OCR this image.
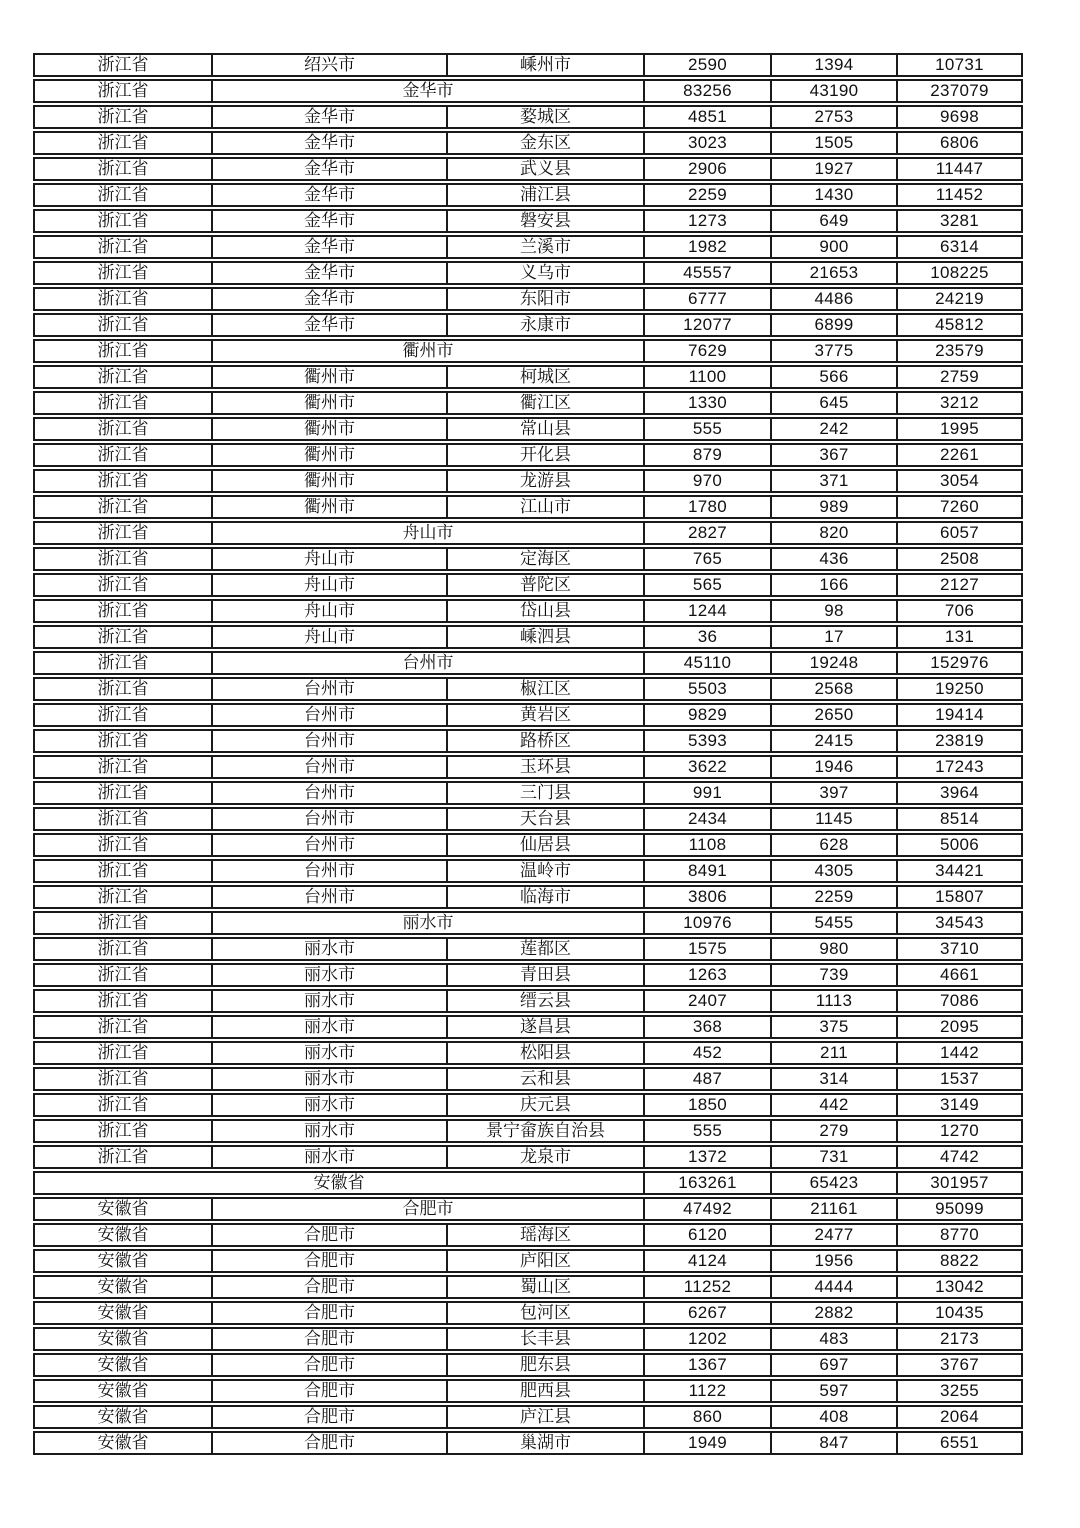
浙江省	绍兴市	嵊州市	2590	1394	10731
浙江省	金华市		83256	43190	237079
浙江省	金华市	婺城区	4851	2753	9698
浙江省	金华市	金东区	3023	1505	6806
浙江省	金华市	武义县	2906	1927	11447
浙江省	金华市	浦江县	2259	1430	11452
浙江省	金华市	磐安县	1273	649	3281
浙江省	金华市	兰溪市	1982	900	6314
浙江省	金华市	义乌市	45557	21653	108225
浙江省	金华市	东阳市	6777	4486	24219
浙江省	金华市	永康市	12077	6899	45812
浙江省	衢州市		7629	3775	23579
浙江省	衢州市	柯城区	1100	566	2759
浙江省	衢州市	衢江区	1330	645	3212
浙江省	衢州市	常山县	555	242	1995
浙江省	衢州市	开化县	879	367	2261
浙江省	衢州市	龙游县	970	371	3054
浙江省	衢州市	江山市	1780	989	7260
浙江省	舟山市		2827	820	6057
浙江省	舟山市	定海区	765	436	2508
浙江省	舟山市	普陀区	565	166	2127
浙江省	舟山市	岱山县	1244	98	706
浙江省	舟山市	嵊泗县	36	17	131
浙江省	台州市		45110	19248	152976
浙江省	台州市	椒江区	5503	2568	19250
浙江省	台州市	黄岩区	9829	2650	19414
浙江省	台州市	路桥区	5393	2415	23819
浙江省	台州市	玉环县	3622	1946	17243
浙江省	台州市	三门县	991	397	3964
浙江省	台州市	天台县	2434	1145	8514
浙江省	台州市	仙居县	1108	628	5006
浙江省	台州市	温岭市	8491	4305	34421
浙江省	台州市	临海市	3806	2259	15807
浙江省	丽水市		10976	5455	34543
浙江省	丽水市	莲都区	1575	980	3710
浙江省	丽水市	青田县	1263	739	4661
浙江省	丽水市	缙云县	2407	1113	7086
浙江省	丽水市	遂昌县	368	375	2095
浙江省	丽水市	松阳县	452	211	1442
浙江省	丽水市	云和县	487	314	1537
浙江省	丽水市	庆元县	1850	442	3149
浙江省	丽水市	景宁畲族自治县	555	279	1270
浙江省	丽水市	龙泉市	1372	731	4742
安徽省			163261	65423	301957
安徽省	合肥市		47492	21161	95099
安徽省	合肥市	瑶海区	6120	2477	8770
安徽省	合肥市	庐阳区	4124	1956	8822
安徽省	合肥市	蜀山区	11252	4444	13042
安徽省	合肥市	包河区	6267	2882	10435
安徽省	合肥市	长丰县	1202	483	2173
安徽省	合肥市	肥东县	1367	697	3767
安徽省	合肥市	肥西县	1122	597	3255
安徽省	合肥市	庐江县	860	408	2064
安徽省	合肥市	巢湖市	1949	847	6551
